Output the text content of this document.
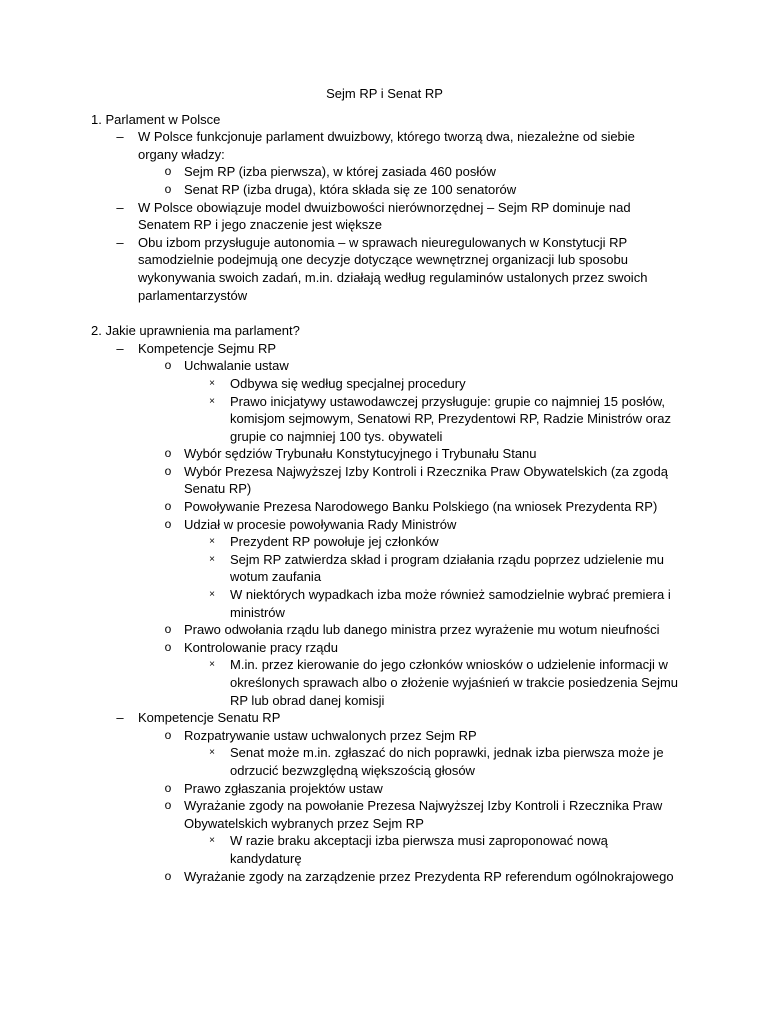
Sejm RP i Senat RP
1. Parlament w Polsce
– W Polsce funkcjonuje parlament dwuizbowy, którego tworzą dwa, niezależne od siebie organy władzy:
o Sejm RP (izba pierwsza), w której zasiada 460 posłów
o Senat RP (izba druga), która składa się ze 100 senatorów
– W Polsce obowiązuje model dwuizbowości nierównorzędnej – Sejm RP dominuje nad Senatem RP i jego znaczenie jest większe
– Obu izbom przysługuje autonomia – w sprawach nieuregulowanych w Konstytucji RP samodzielnie podejmują one decyzje dotyczące wewnętrznej organizacji lub sposobu wykonywania swoich zadań, m.in. działają według regulaminów ustalonych przez swoich parlamentarzystów
2. Jakie uprawnienia ma parlament?
– Kompetencje Sejmu RP
o Uchwalanie ustaw
×	Odbywa się według specjalnej procedury
×	Prawo inicjatywy ustawodawczej przysługuje: grupie co najmniej 15 posłów, komisjom sejmowym, Senatowi RP, Prezydentowi RP, Radzie Ministrów oraz grupie co najmniej 100 tys. obywateli
o Wybór sędziów Trybunału Konstytucyjnego i Trybunału Stanu
o Wybór Prezesa Najwyższej Izby Kontroli i Rzecznika Praw Obywatelskich (za zgodą Senatu RP)
o Powoływanie Prezesa Narodowego Banku Polskiego (na wniosek Prezydenta RP)
o Udział w procesie powoływania Rady Ministrów
×	Prezydent RP powołuje jej członków
×	Sejm RP zatwierdza skład i program działania rządu poprzez udzielenie mu wotum zaufania
×	W niektórych wypadkach izba może również samodzielnie wybrać premiera i ministrów
o Prawo odwołania rządu lub danego ministra przez wyrażenie mu wotum nieufności
o Kontrolowanie pracy rządu
×	M.in. przez kierowanie do jego członków wniosków o udzielenie informacji w określonych sprawach albo o złożenie wyjaśnień w trakcie posiedzenia Sejmu RP lub obrad danej komisji
– Kompetencje Senatu RP
o Rozpatrywanie ustaw uchwalonych przez Sejm RP
×	Senat może m.in. zgłaszać do nich poprawki, jednak izba pierwsza może je odrzucić bezwzględną większością głosów
o Prawo zgłaszania projektów ustaw
o Wyrażanie zgody na powołanie Prezesa Najwyższej Izby Kontroli i Rzecznika Praw Obywatelskich wybranych przez Sejm RP
×	W razie braku akceptacji izba pierwsza musi zaproponować nową kandydaturę
o Wyrażanie zgody na zarządzenie przez Prezydenta RP referendum ogólnokrajowego
